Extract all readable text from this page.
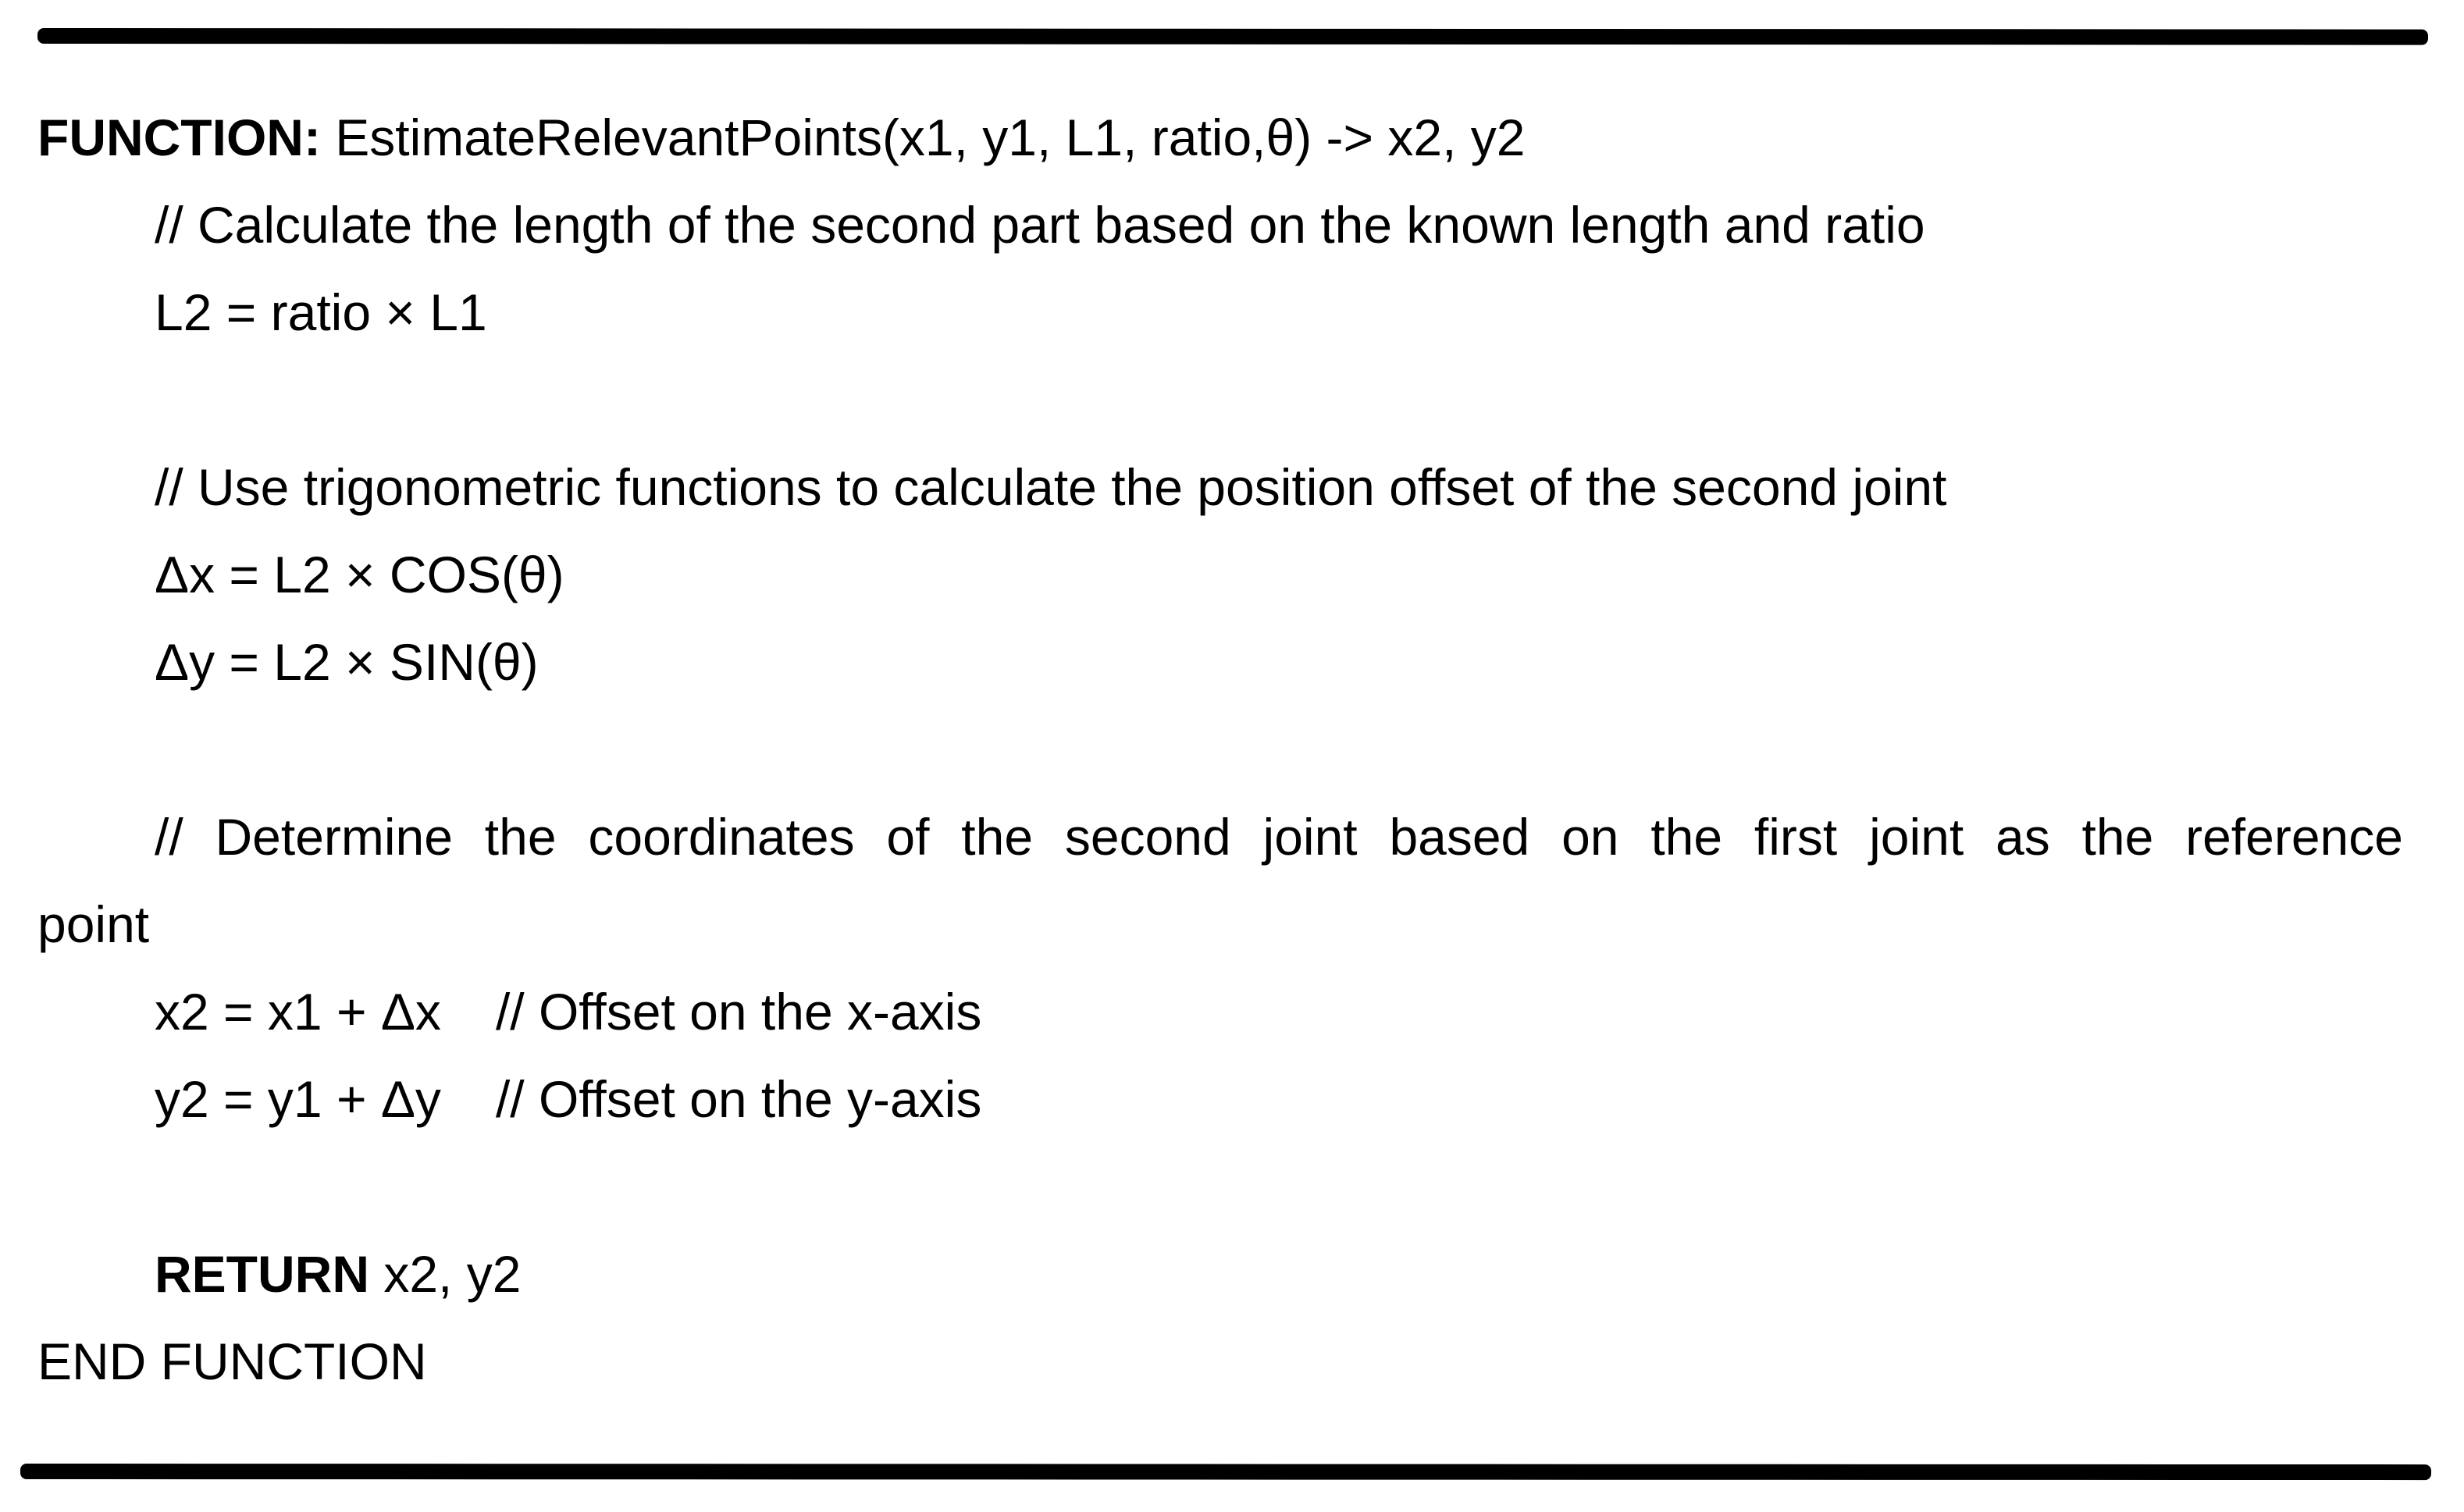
FUNCTION: EstimateRelevantPoints(x1, y1, L1, ratio,θ) -> x2, y2
// Calculate the length of the second part based on the known length and ratio
L2 = ratio × L1
// Use trigonometric functions to calculate the position offset of the second joint
Δx = L2 × COS(θ)
Δy = L2 × SIN(θ)
// Determine the coordinates of the second joint based on the first joint as the reference
point
x2 = x1 + Δx // Offset on the x-axis
y2 = y1 + Δy // Offset on the y-axis
RETURN x2, y2
END FUNCTION
